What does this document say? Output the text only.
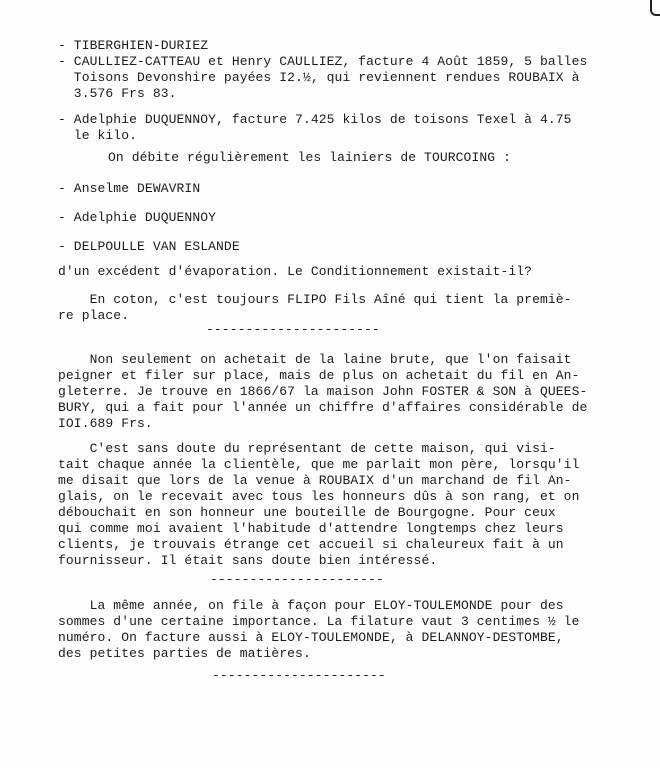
- TIBERGHIEN-DURIEZ
- CAULLIEZ-CATTEAU et Henry CAULLIEZ, facture 4 Août 1859, 5 balles
Toisons Devonshire payées I2.½, qui reviennent rendues ROUBAIX à
3.576 Frs 83.
- Adelphie DUQUENNOY, facture 7.425 kilos de toisons Texel à 4.75
le kilo.
On débite régulièrement les lainiers de TOURCOING :
- Anselme DEWAVRIN
- Adelphie DUQUENNOY
- DELPOULLE VAN ESLANDE
d'un excédent d'évaporation. Le Conditionnement existait-il?
En coton, c'est toujours FLIPO Fils Aîné qui tient la premiè-
re place.
----------------------
Non seulement on achetait de la laine brute, que l'on faisait
peigner et filer sur place, mais de plus on achetait du fil en An-
gleterre. Je trouve en 1866/67 la maison John FOSTER & SON à QUEES-
BURY, qui a fait pour l'année un chiffre d'affaires considérable de
IOI.689 Frs.
C'est sans doute du représentant de cette maison, qui visi-
tait chaque année la clientèle, que me parlait mon père, lorsqu'il
me disait que lors de la venue à ROUBAIX d'un marchand de fil An-
glais, on le recevait avec tous les honneurs dûs à son rang, et on
débouchait en son honneur une bouteille de Bourgogne. Pour ceux
qui comme moi avaient l'habitude d'attendre longtemps chez leurs
clients, je trouvais étrange cet accueil si chaleureux fait à un
fournisseur. Il était sans doute bien intéressé.
----------------------
La même année, on file à façon pour ELOY-TOULEMONDE pour des
sommes d'une certaine importance. La filature vaut 3 centimes ½ le
numéro. On facture aussi à ELOY-TOULEMONDE, à DELANNOY-DESTOMBE,
des petites parties de matières.
----------------------
